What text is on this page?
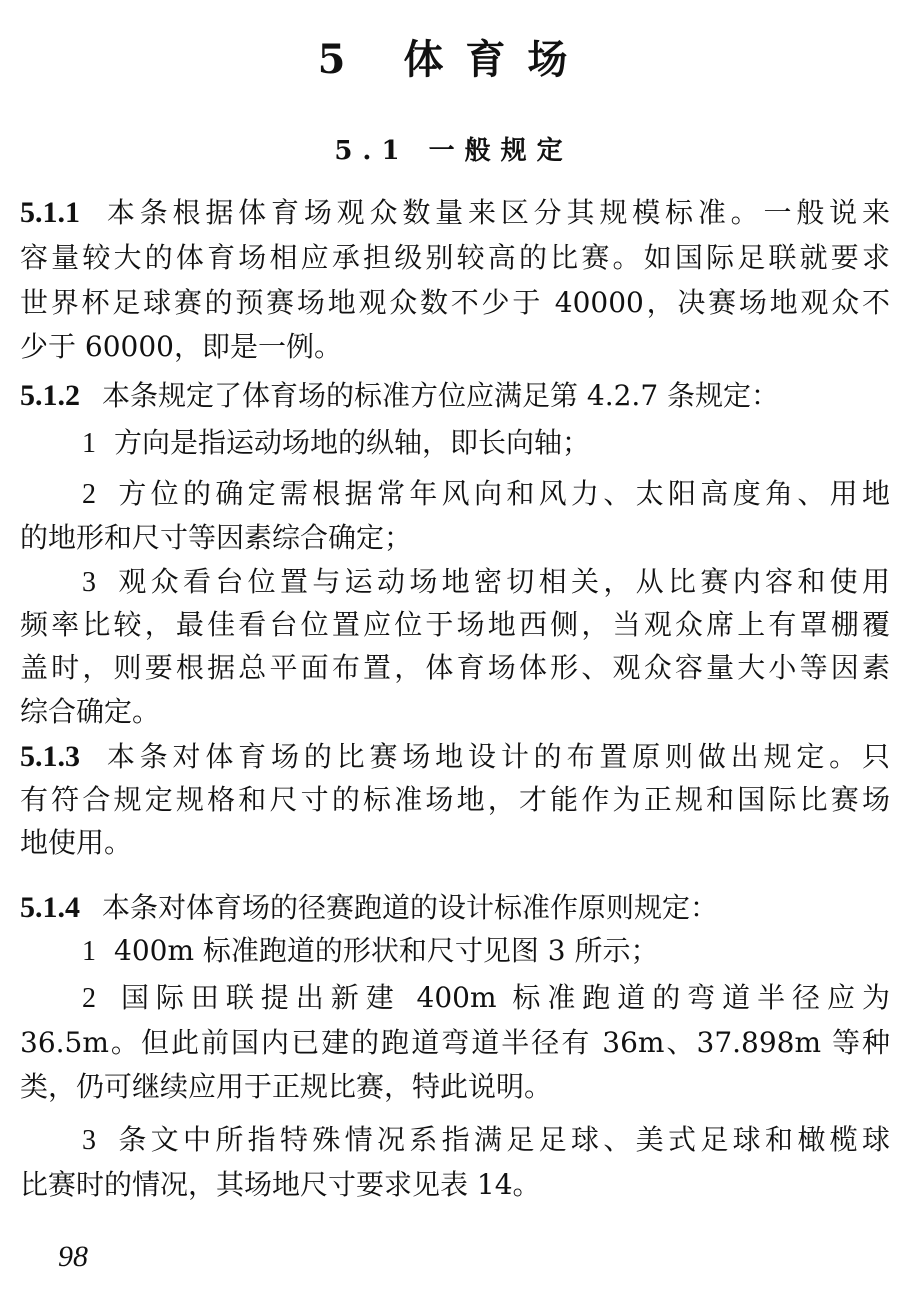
5 体育场
5.1 一般规定
5.1.1 本条根据体育场观众数量来区分其规模标准。一般说来
容量较大的体育场相应承担级别较高的比赛。如国际足联就要求
世界杯足球赛的预赛场地观众数不少于 40000，决赛场地观众不
少于 60000，即是一例。
5.1.2 本条规定了体育场的标准方位应满足第 4.2.7 条规定：
1 方向是指运动场地的纵轴，即长向轴；
2 方位的确定需根据常年风向和风力、太阳高度角、用地
的地形和尺寸等因素综合确定；
3 观众看台位置与运动场地密切相关，从比赛内容和使用
频率比较，最佳看台位置应位于场地西侧，当观众席上有罩棚覆
盖时，则要根据总平面布置，体育场体形、观众容量大小等因素
综合确定。
5.1.3 本条对体育场的比赛场地设计的布置原则做出规定。只
有符合规定规格和尺寸的标准场地，才能作为正规和国际比赛场
地使用。
5.1.4 本条对体育场的径赛跑道的设计标准作原则规定：
1 400m 标准跑道的形状和尺寸见图 3 所示；
2 国际田联提出新建 400m 标准跑道的弯道半径应为
36.5m。但此前国内已建的跑道弯道半径有 36m、37.898m 等种
类，仍可继续应用于正规比赛，特此说明。
3 条文中所指特殊情况系指满足足球、美式足球和橄榄球
比赛时的情况，其场地尺寸要求见表 14。
98
